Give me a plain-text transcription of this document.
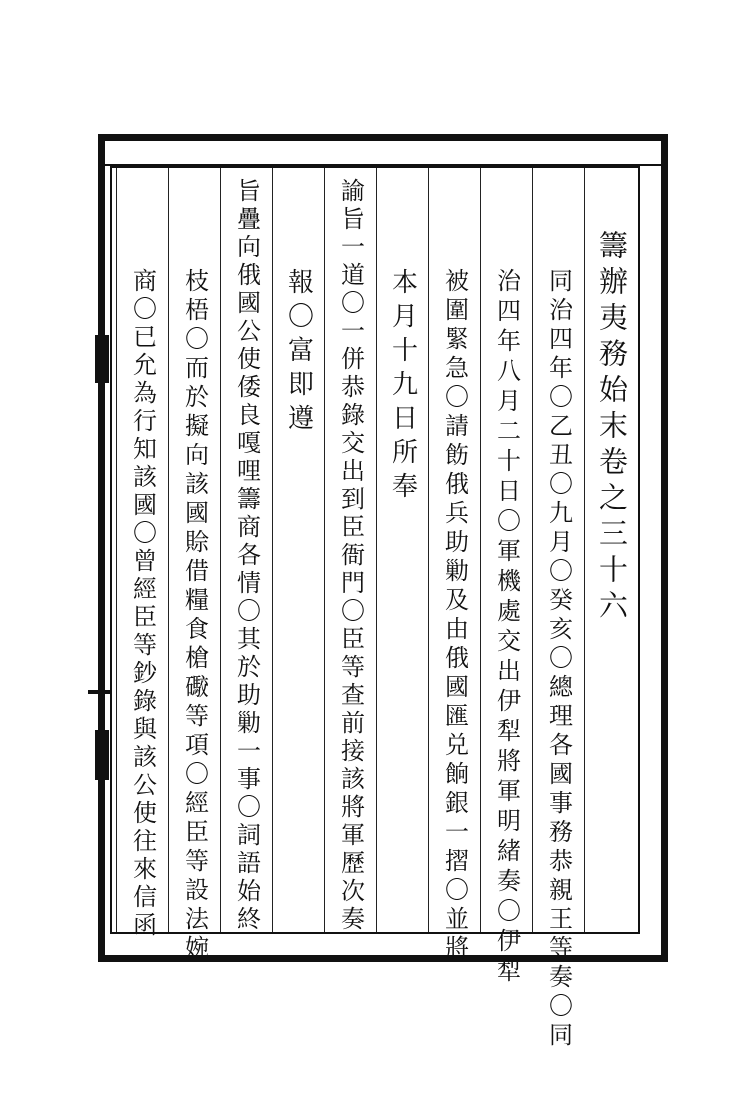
籌辦夷務始末卷之三十六
同治四年〇乙丑〇九月〇癸亥〇總理各國事務恭親王等奏〇同
治四年八月二十日〇軍機處交出伊犁將軍明緒奏〇伊犁
被圍緊急〇請飭俄兵助勦及由俄國匯兑餉銀一摺〇並將
本月十九日所奉
諭旨一道〇一併恭錄交出到臣衙門〇臣等查前接該將軍歷次奏
報〇富即遵
旨疊向俄國公使倭良嘎哩籌商各情〇其於助勦一事〇詞語始終
枝梧〇而於擬向該國賒借糧食槍礮等項〇經臣等設法婉
商〇已允為行知該國〇曾經臣等鈔錄與該公使往來信函
